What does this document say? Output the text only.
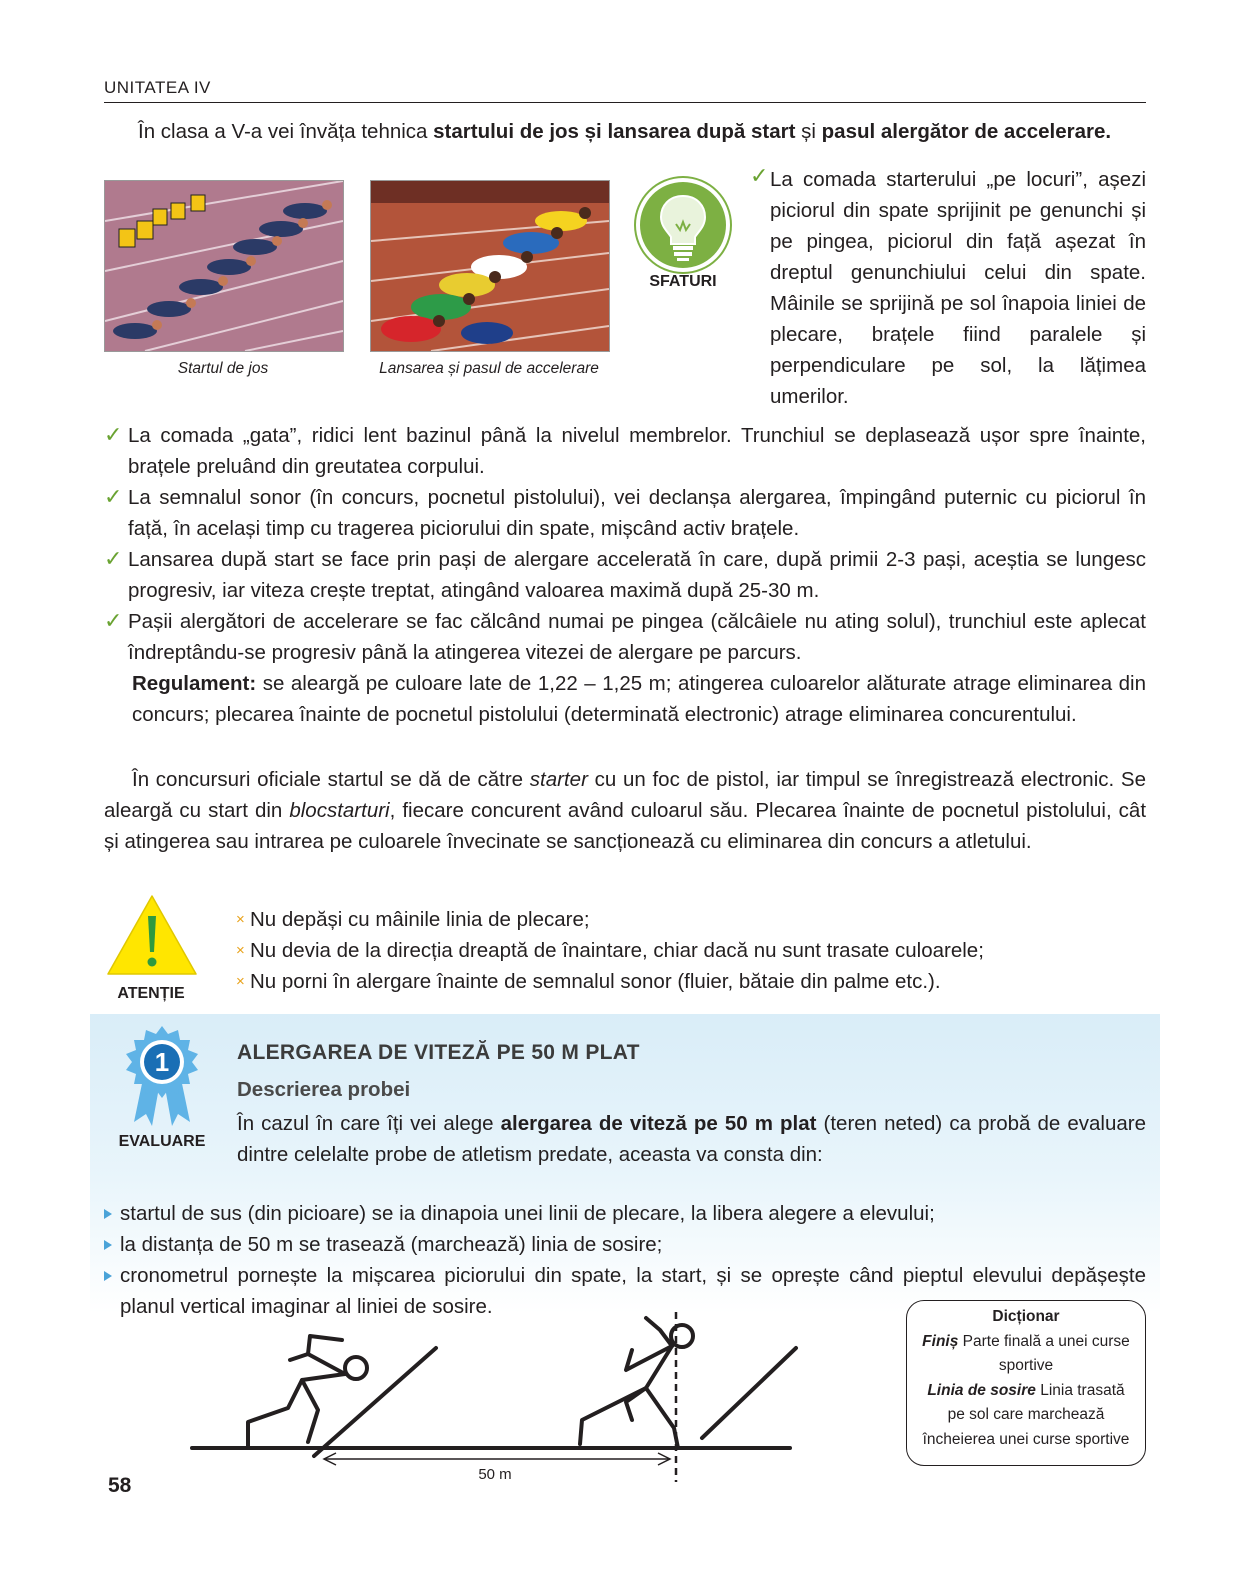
UNITATEA IV
În clasa a V-a vei învăța tehnica startului de jos și lansarea după start și pasul alergător de accelerare.
Startul de jos	Lansarea și pasul de accelerare
SFATURI
✓ La comada starterului „pe locuri”, așezi piciorul din spate sprijinit pe genunchi și pe pingea, piciorul din față așezat în dreptul genunchiului celui din spate. Mâinile se sprijină pe sol înapoia liniei de plecare, brațele fiind paralele și perpendiculare pe sol, la lățimea umerilor.
✓ La comada „gata”, ridici lent bazinul până la nivelul membrelor. Trunchiul se deplasează ușor spre înainte, brațele preluând din greutatea corpului.
✓ La semnalul sonor (în concurs, pocnetul pistolului), vei declanșa alergarea, împingând puternic cu piciorul în față, în același timp cu tragerea piciorului din spate, mișcând activ brațele.
✓ Lansarea după start se face prin pași de alergare accelerată în care, după primii 2-3 pași, aceștia se lungesc progresiv, iar viteza crește treptat, atingând valoarea maximă după 25-30 m.
✓ Pașii alergători de accelerare se fac călcând numai pe pingea (călcâiele nu ating solul), trunchiul este aplecat îndreptându-se progresiv până la atingerea vitezei de alergare pe parcurs.
Regulament: se aleargă pe culoare late de 1,22 – 1,25 m; atingerea culoarelor alăturate atrage eliminarea din concurs; plecarea înainte de pocnetul pistolului (determinată electronic) atrage eliminarea concurentului.
În concursuri oficiale startul se dă de către starter cu un foc de pistol, iar timpul se înregistrează electronic. Se aleargă cu start din blocstarturi, fiecare concurent având culoarul său. Plecarea înainte de pocnetul pistolului, cât și atingerea sau intrarea pe culoarele învecinate se sancționează cu eliminarea din concurs a atletului.
ATENȚIE
× Nu depăși cu mâinile linia de plecare;
× Nu devia de la direcția dreaptă de înaintare, chiar dacă nu sunt trasate culoarele;
× Nu porni în alergare înainte de semnalul sonor (fluier, bătaie din palme etc.).
1
EVALUARE
ALERGAREA DE VITEZĂ PE 50 M PLAT
Descrierea probei
În cazul în care îți vei alege alergarea de viteză pe 50 m plat (teren neted) ca probă de evaluare dintre celelalte probe de atletism predate, aceasta va consta din:
startul de sus (din picioare) se ia dinapoia unei linii de plecare, la libera alegere a elevului;
la distanța de 50 m se trasează (marchează) linia de sosire;
cronometrul pornește la mișcarea piciorului din spate, la start, și se oprește când pieptul elevului depășește planul vertical imaginar al liniei de sosire.
50 m
Dicționar
Finiș Parte finală a unei curse sportive
Linia de sosire Linia trasată pe sol care marchează încheierea unei curse sportive
58
